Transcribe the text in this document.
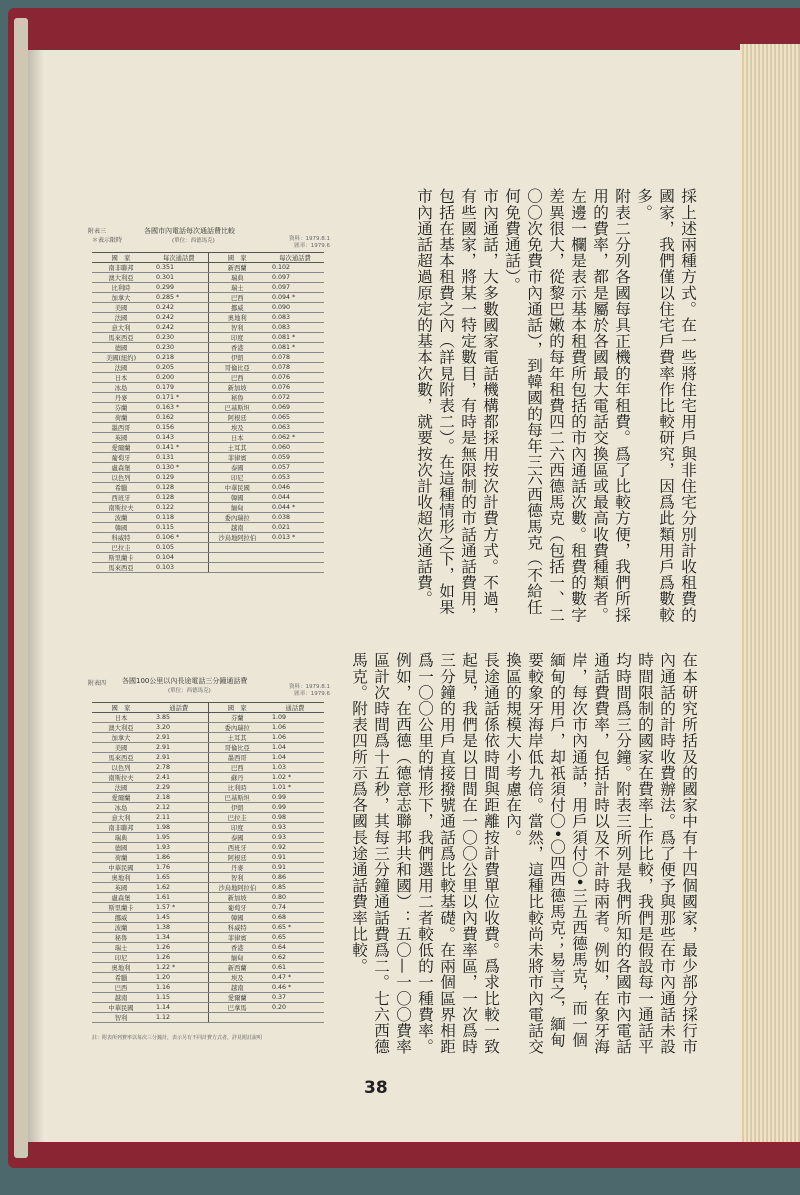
附表三
＊表示限時
各國市內電話每次通話費比較
(單位：西德馬克)	資料：1979.8.1
匯率：1979.6
國　家	每次通話費	國　家	每次通話費
南非聯邦	0.351	新西蘭	0.102
澳大利亞	0.301	瑞典	0.097
比利時	0.299	瑞士	0.097
加拿大	0.285 *	巴西	0.094 *
美國	0.242	挪威	0.090
法國	0.242	奧地利	0.083
意大利	0.242	智利	0.083
馬來西亞	0.230	印度	0.081 *
德國	0.230	香港	0.081 *
美國(紐約)	0.218	伊朗	0.078
法國	0.205	哥倫比亞	0.078
日本	0.200	巴西	0.076
冰島	0.179	新加坡	0.076
丹麥	0.171 *	秘魯	0.072
芬蘭	0.163 *	巴基斯坦	0.069
荷蘭	0.162	阿根廷	0.065
墨西哥	0.156	埃及	0.063
英國	0.143	日本	0.062 *
愛爾蘭	0.141 *	土耳其	0.060
葡萄牙	0.131	菲律賓	0.059
盧森堡	0.130 *	泰國	0.057
以色列	0.129	印尼	0.053
希臘	0.128	中華民國	0.046
西班牙	0.128	韓國	0.044
南斯拉夫	0.122	緬甸	0.044 *
波蘭	0.118	委內瑞拉	0.038
韓國	0.115	越南	0.021
科威特	0.106 *	沙烏地阿拉伯	0.013 *
巴拉圭	0.105		
斯里蘭卡	0.104		
馬來西亞	0.103		
附表四 各國100公里以內長途電話三分鐘通話費
(單位：西德馬克)
資料：1979.8.1
匯率：1979.6
國　家	通話費	國　家	通話費
日本	3.85	芬蘭	1.09
澳大利亞	3.20	委內瑞拉	1.06
加拿大	2.91	土耳其	1.06
美國	2.91	哥倫比亞	1.04
馬來西亞	2.91	墨西哥	1.04
以色列	2.78	巴西	1.03
南斯拉夫	2.41	蘇丹	1.02 *
法國	2.29	比利時	1.01 *
愛爾蘭	2.18	巴基斯坦	0.99
冰島	2.12	伊朗	0.99
意大利	2.11	巴拉圭	0.98
南非聯邦	1.98	印度	0.93
瑞典	1.95	泰國	0.93
德國	1.93	西班牙	0.92
荷蘭	1.86	阿根廷	0.91
中華民國	1.76	丹麥	0.91
奧地利	1.65	智利	0.86
英國	1.62	沙烏地阿拉伯	0.85
盧森堡	1.61	新加坡	0.80
斯里蘭卡	1.57 *	葡萄牙	0.74
挪威	1.45	韓國	0.68
波蘭	1.38	科威特	0.65 *
秘魯	1.34	菲律賓	0.65
瑞士	1.26	香港	0.64
印尼	1.26	緬甸	0.62
奧地利	1.22 *	新西蘭	0.61
希臘	1.20	埃及	0.47 *
巴西	1.16	越南	0.46 *
越南	1.15	愛爾蘭	0.37
中華民國	1.14	巴拿馬	0.20
智利	1.12		
註：附表所列費率以每次三分鐘計，表示另有不同計費方式者，詳見附註說明
採上述兩種方式。在一些將住宅用戶與非住宅分別計收租費的國家，我們僅以住宅戶費率作比較研究，因爲此類用戶爲數較多。
附表二分列各國每具正機的年租費。爲了比較方便，我們所採用的費率，都是屬於各國最大電話交換區或最高收費種類者。左邊一欄是表示基本租費所包括的市內通話次數。租費的數字差異很大，從黎巴嫩的每年租費四二六西德馬克（包括一、二〇〇次免費市內通話），到韓國的每年三六西德馬克（不給任何免費通話）。
市內通話，大多數國家電話機構都採用按次計費方式。不過，有些國家，將某一特定數目，有時是無限制的市話通話費用，包括在基本租費之內（詳見附表二）。在這種情形之下，如果市內通話超過原定的基本次數，就要按次計收超次通話費。
在本研究所括及的國家中有十四個國家，最少部分採行市內通話的計時收費辦法。爲了便予與那些在市內通話未設時間限制的國家在費率上作比較，我們是假設每一通話平均時間爲三分鐘。附表三所列是我們所知的各國市內電話通話費費率，包括計時以及不計時兩者。例如，在象牙海岸，每次市內通話，用戶須付〇•三五西德馬克，而一個緬甸的用戶，却祇須付〇•〇四西德馬克；易言之，緬甸要較象牙海岸低九倍。當然，這種比較尚未將市內電話交換區的規模大小考慮在內。
長途通話係依時間與距離按計費單位收費。爲求比較一致起見，我們是以日間在一〇〇公里以內費率區，一次爲時三分鐘的用戶直接撥號通話爲比較基礎。在兩個區界相距爲一〇〇公里的情形下，我們選用二者較低的一種費率。例如，在西德（德意志聯邦共和國）：五〇—一〇〇費率區計次時間爲十五秒，其每三分鐘通話費爲二。七六西德馬克。附表四所示爲各國長途通話費率比較。
38
